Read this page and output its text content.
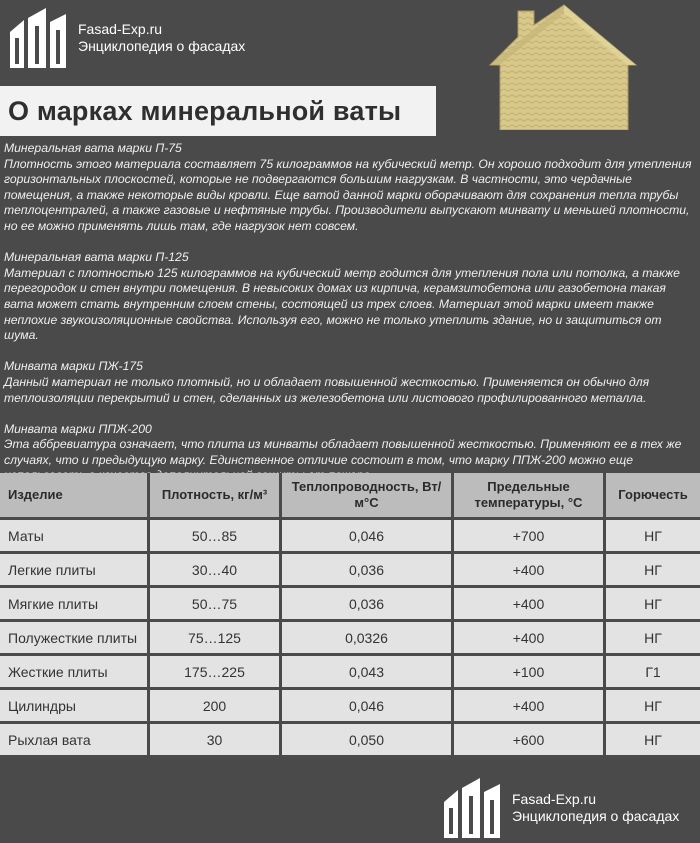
Fasad-Exp.ru
Энциклопедия о фасадах
О марках минеральной ваты

Минеральная вата марки П-75

Плотность этого материала составляет 75 килограммов на кубический метр. Он хорошо подходит для утепления горизонтальных плоскостей, которые не подвергаются большим нагрузкам. В частности, это чердачные помещения, а также некоторые виды кровли. Еще ватой данной марки оборачивают для сохранения тепла трубы теплоцентралей, а также газовые и нефтяные трубы. Производители выпускают минвату и меньшей плотности, но ее можно применять лишь там, где нагрузок нет совсем.

Минеральная вата марки П-125

Материал с плотностью 125 килограммов на кубический метр годится для утепления пола или потолка, а также перегородок и стен внутри помещения. В невысоких домах из кирпича, керамзитобетона или газобетона такая вата может стать внутренним слоем стены, состоящей из трех слоев. Материал этой марки имеет также неплохие звукоизоляционные свойства. Используя его, можно не только утеплить здание, но и защититься от шума.

Минвата марки ПЖ-175

Данный материал не только плотный, но и обладает повышенной жесткостью. Применяется он обычно для теплоизоляции перекрытий и стен, сделанных из железобетона или листового профилированного металла.

Минвата марки ППЖ-200

Эта аббревиатура означает, что плита из минваты обладает повышенной жесткостью. Применяют ее в тех же случаях, что и предыдущую марку. Единственное отличие состоит в том, что марку ППЖ-200 можно еще

Изделие	Плотность, кг/м³	Теплопроводность, Вт/м°С	Предельные температуры, °С	Горючесть
Маты	50…85	0,046	+700	НГ
Легкие плиты	30…40	0,036	+400	НГ
Мягкие плиты	50…75	0,036	+400	НГ
Полужесткие плиты	75…125	0,0326	+400	НГ
Жесткие плиты	175…225	0,043	+100	Г1
Цилиндры	200	0,046	+400	НГ
Рыхлая вата	30	0,050	+600	НГ
Fasad-Exp.ru
Энциклопедия о фасадах
